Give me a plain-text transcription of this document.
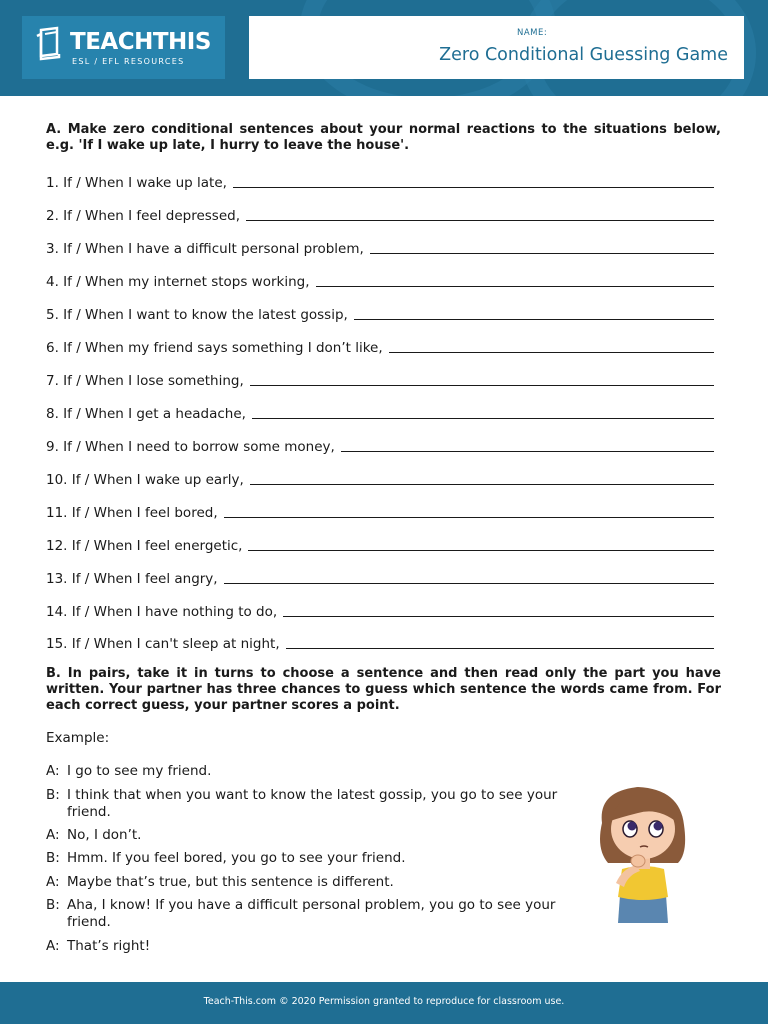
TEACHTHIS
ESL / EFL RESOURCES
NAME:
Zero Conditional Guessing Game
A. Make zero conditional sentences about your normal reactions to the situations below, e.g. 'If I wake up late, I hurry to leave the house'.
1. If / When I wake up late,
2. If / When I feel depressed,
3. If / When I have a difficult personal problem,
4. If / When my internet stops working,
5. If / When I want to know the latest gossip,
6. If / When my friend says something I don’t like,
7. If / When I lose something,
8. If / When I get a headache,
9. If / When I need to borrow some money,
10. If / When I wake up early,
11. If / When I feel bored,
12. If / When I feel energetic,
13. If / When I feel angry,
14. If / When I have nothing to do,
15. If / When I can't sleep at night,
B. In pairs, take it in turns to choose a sentence and then read only the part you have written. Your partner has three chances to guess which sentence the words came from. For each correct guess, your partner scores a point.
Example:
A: I go to see my friend.
B: I think that when you want to know the latest gossip, you go to see your friend.
A: No, I don’t.
B: Hmm. If you feel bored, you go to see your friend.
A: Maybe that’s true, but this sentence is different.
B: Aha, I know! If you have a difficult personal problem, you go to see your friend.
A: That’s right!
Teach-This.com © 2020 Permission granted to reproduce for classroom use.
